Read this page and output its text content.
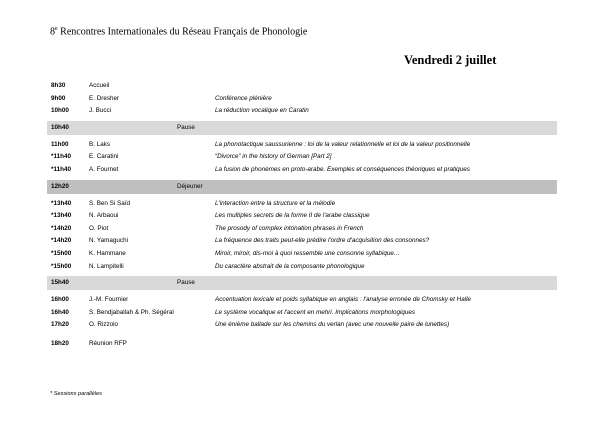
8e Rencontres Internationales du Réseau Français de Phonologie
Vendredi 2 juillet
8h30	Accueil
9h00	E. Dresher	Conférence plénière
10h00	J. Bucci	La réduction vocalique en Caratin
10h40	Pause
11h00	B. Laks	La phonotactique saussurienne : loi de la valeur relationnelle et loi de la valeur positionnelle
*11h40	E. Caratini	“Divorce” in the history of German [Part 2]
*11h40	A. Fournet	La fusion de phonèmes en proto-arabe. Exemples et conséquences théoriques et pratiques
12h20	Déjeuner
*13h40	S. Ben Si Saïd	L'interaction entre la structure et la mélodie
*13h40	N. Arbaoui	Les multiples secrets de la forme II de l'arabe classique
*14h20	O. Piot	The prosody of complex intonation phrases in French
*14h20	N. Yamaguchi	La fréquence des traits peut-elle prédire l'ordre d'acquisition des consonnes?
*15h00	K. Hammane	Miroir, miroir, dis-moi à quoi ressemble une consonne syllabique…
*15h00	N. Lampitelli	Du caractère abstrait de la composante phonologique
15h40	Pause
16h00	J.-M. Fournier	Accentuation lexicale et poids syllabique en anglais : l'analyse erronée de Chomsky et Halle
16h40	S. Bendjaballah & Ph. Ségéral	Le système vocalique et l'accent en mehri. Implications morphologiques
17h20	O. Rizzolo	Une énième ballade sur les chemins du verlan (avec une nouvelle paire de lunettes)
18h20	Réunion RFP
* Sessions parallèles
